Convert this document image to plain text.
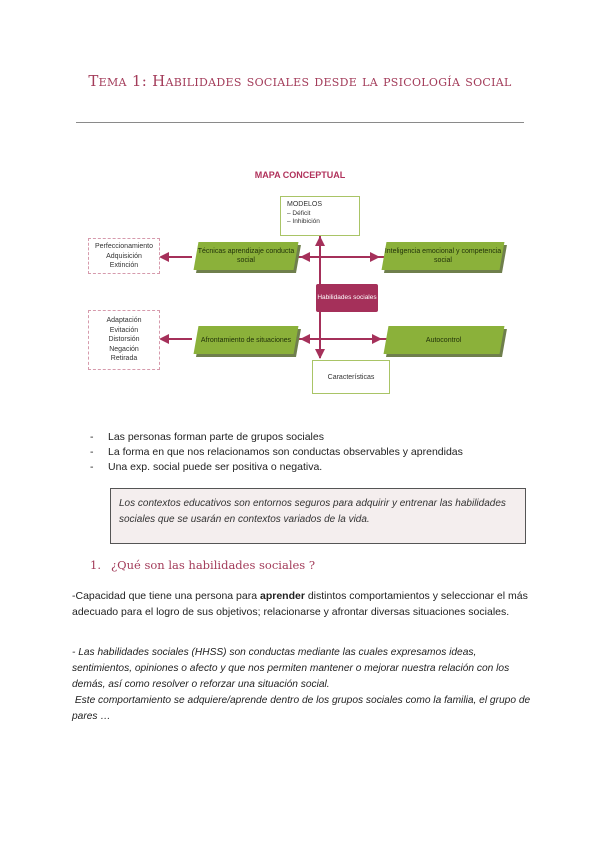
Tema 1: Habilidades sociales desde la psicología social
MAPA CONCEPTUAL
MODELOS
– Déficit
– Inhibición
Perfeccionamiento
Adquisición
Extinción
Adaptación
Evitación
Distorsión
Negación
Retirada
Técnicas aprendizaje conducta social
Afrontamiento de situaciones
Inteligencia emocional y competencia social
Autocontrol
Habilidades sociales
Características
- Las personas forman parte de grupos sociales
- La forma en que nos relacionamos son conductas observables y aprendidas
- Una exp. social puede ser positiva o negativa.
Los contextos educativos son entornos seguros para adquirir y entrenar las habilidades sociales que se usarán en contextos variados de la vida.
1. ¿Qué son las habilidades sociales ?
-Capacidad que tiene una persona para aprender distintos comportamientos y seleccionar el más adecuado para el logro de sus objetivos; relacionarse y afrontar diversas situaciones sociales.
- Las habilidades sociales (HHSS) son conductas mediante las cuales expresamos ideas, sentimientos, opiniones o afecto y que nos permiten mantener o mejorar nuestra relación con los demás, así como resolver o reforzar una situación social.
Este comportamiento se adquiere/aprende dentro de los grupos sociales como la familia, el grupo de pares …
